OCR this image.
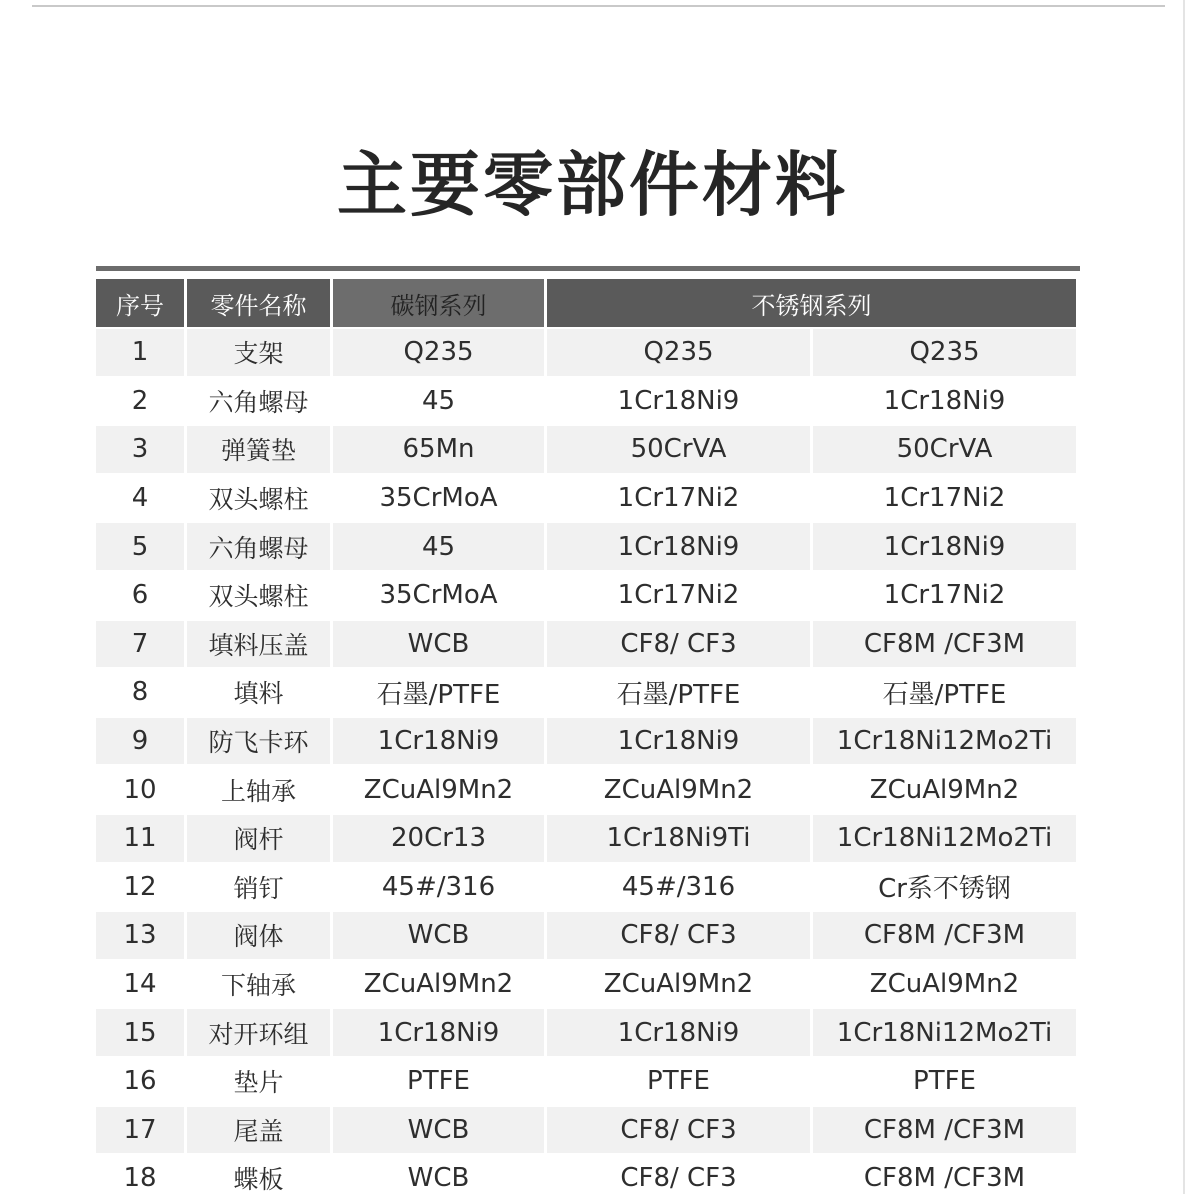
主要零部件材料
序号	零件名称	碳钢系列	不锈钢系列
1	支架	Q235	Q235	Q235
2	六角螺母	45	1Cr18Ni9	1Cr18Ni9
3	弹簧垫	65Mn	50CrVA	50CrVA
4	双头螺柱	35CrMoA	1Cr17Ni2	1Cr17Ni2
5	六角螺母	45	1Cr18Ni9	1Cr18Ni9
6	双头螺柱	35CrMoA	1Cr17Ni2	1Cr17Ni2
7	填料压盖	WCB	CF8/ CF3	CF8M /CF3M
8	填料	石墨/PTFE	石墨/PTFE	石墨/PTFE
9	防飞卡环	1Cr18Ni9	1Cr18Ni9	1Cr18Ni12Mo2Ti
10	上轴承	ZCuAl9Mn2	ZCuAl9Mn2	ZCuAl9Mn2
11	阀杆	20Cr13	1Cr18Ni9Ti	1Cr18Ni12Mo2Ti
12	销钉	45#/316	45#/316	Cr系不锈钢
13	阀体	WCB	CF8/ CF3	CF8M /CF3M
14	下轴承	ZCuAl9Mn2	ZCuAl9Mn2	ZCuAl9Mn2
15	对开环组	1Cr18Ni9	1Cr18Ni9	1Cr18Ni12Mo2Ti
16	垫片	PTFE	PTFE	PTFE
17	尾盖	WCB	CF8/ CF3	CF8M /CF3M
18	蝶板	WCB	CF8/ CF3	CF8M /CF3M
